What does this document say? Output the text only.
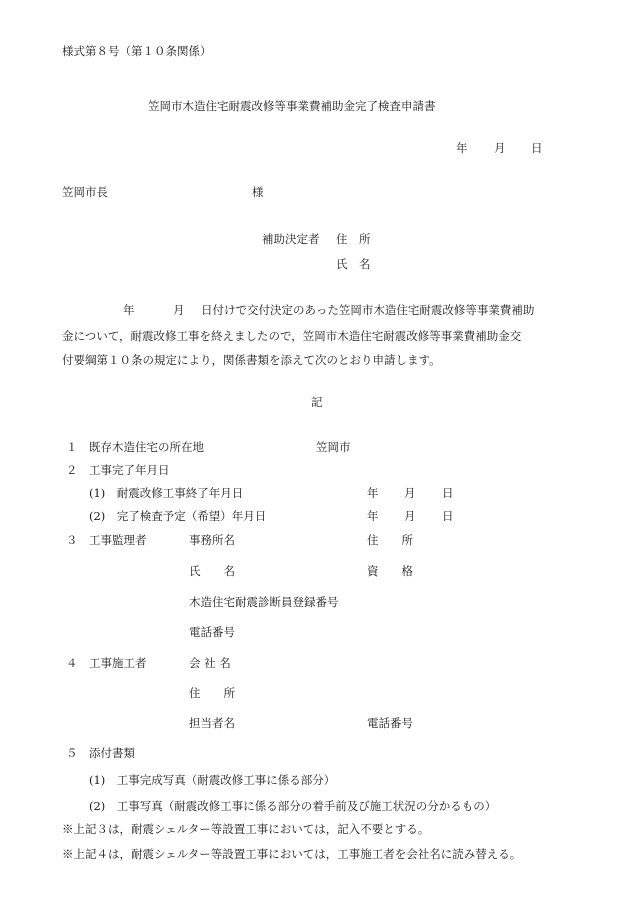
様式第８号（第１０条関係）
笠岡市木造住宅耐震改修等事業費補助金完了検査申請書
年 月 日
笠岡市長	様
補助決定者 住　所
氏　名
年	月 日付けで交付決定のあった笠岡市木造住宅耐震改修等事業費補助
金について，耐震改修工事を終えましたので，笠岡市木造住宅耐震改修等事業費補助金交
付要綱第１０条の規定により，関係書類を添えて次のとおり申請します。
記
１ 既存木造住宅の所在地	笠岡市
２ 工事完了年月日
(1)　耐震改修工事終了年月日	年 月 日
(2)　完了検査予定（希望）年月日	年 月 日
３ 工事監理者	事務所名	住　　所
氏　　名	資　　格
木造住宅耐震診断員登録番号
電話番号
４ 工事施工者	会 社 名
住　　所
担当者名	電話番号
５ 添付書類
(1)　工事完成写真（耐震改修工事に係る部分）
(2)　工事写真（耐震改修工事に係る部分の着手前及び施工状況の分かるもの）
※上記３は，耐震シェルター等設置工事においては，記入不要とする。
※上記４は，耐震シェルター等設置工事においては，工事施工者を会社名に読み替える。
